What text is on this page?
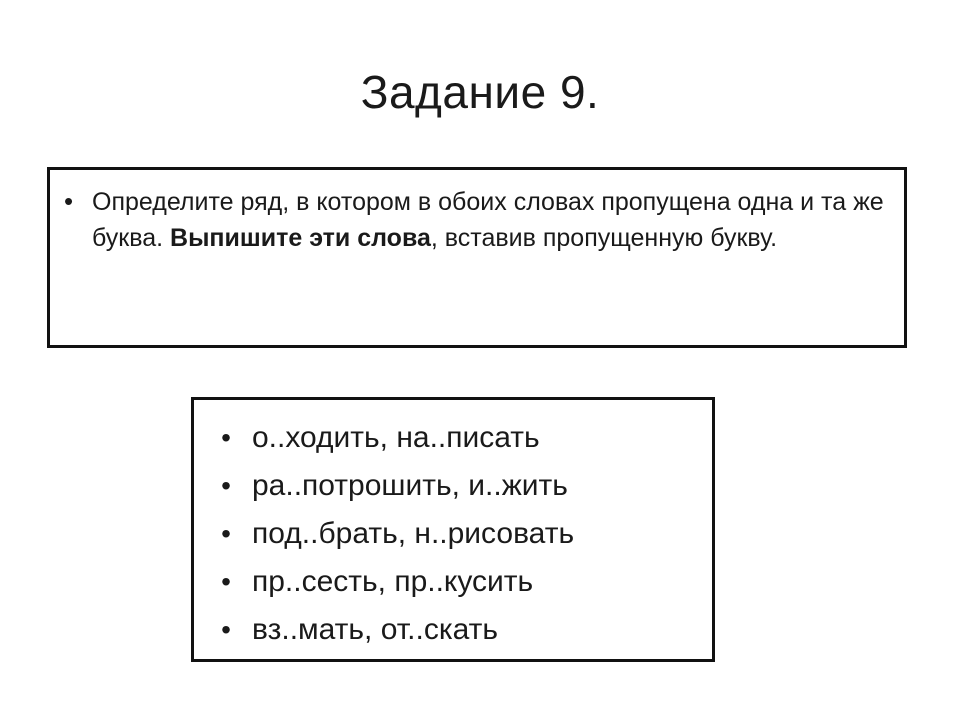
Задание 9.
• Определите ряд, в котором в обоих словах пропущена одна и та же буква. Выпишите эти слова, вставив пропущенную букву.
• о..ходить, на..писать
• ра..потрошить, и..жить
• под..брать, н..рисовать
• пр..сесть, пр..кусить
• вз..мать, от..скать
